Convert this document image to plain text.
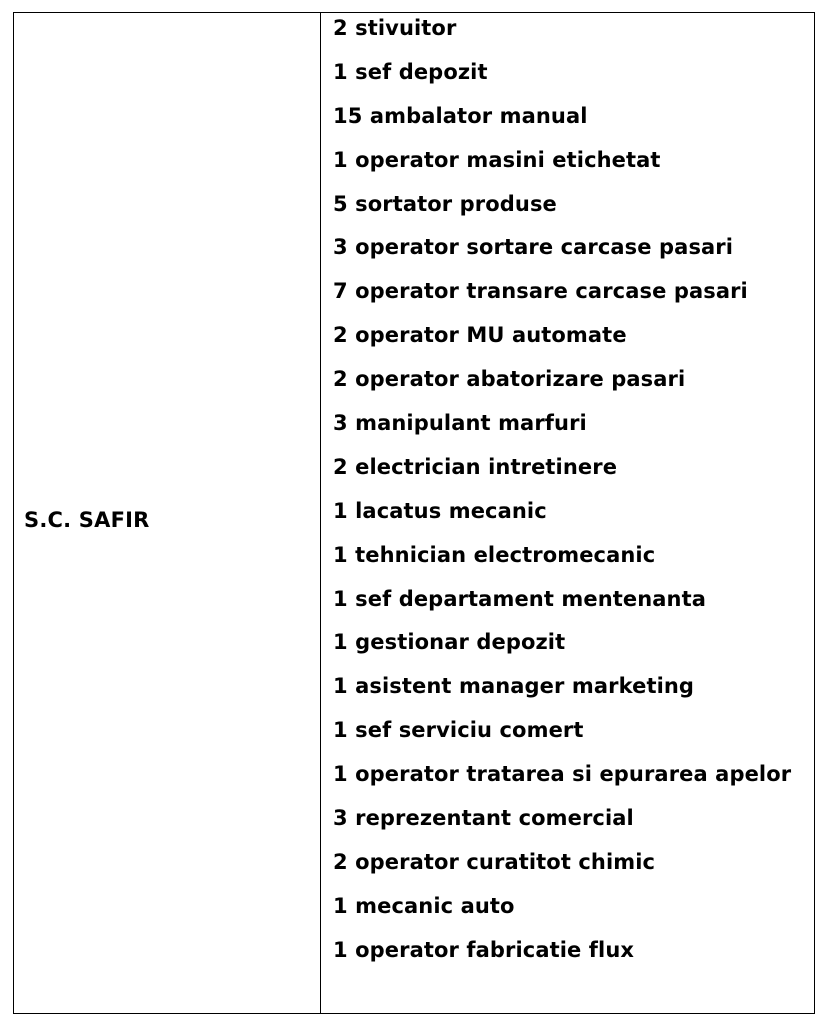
S.C. SAFIR
2 stivuitor
1 sef depozit
15 ambalator manual
1 operator masini etichetat
5 sortator produse
3 operator sortare carcase pasari
7 operator transare carcase pasari
2 operator MU automate
2 operator abatorizare pasari
3 manipulant marfuri
2 electrician intretinere
1 lacatus mecanic
1 tehnician electromecanic
1 sef departament mentenanta
1 gestionar depozit
1 asistent manager marketing
1 sef serviciu comert
1 operator tratarea si epurarea apelor
3 reprezentant comercial
2 operator curatitot chimic
1 mecanic auto
1 operator fabricatie flux
